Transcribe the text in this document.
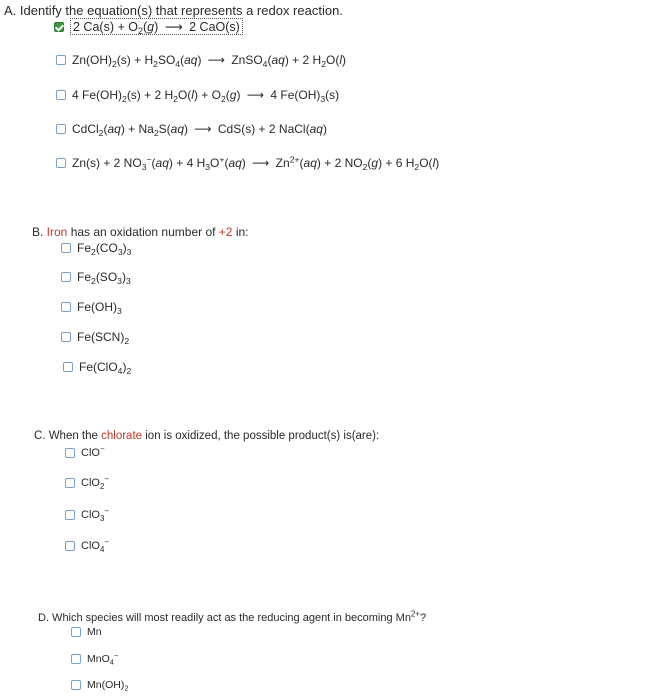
A. Identify the equation(s) that represents a redox reaction.
2 $Ca(s) + O_2(g)$ ⟶ 2 CaO(s)
$Zn(OH)_2(s) + H_2SO_4(aq)$ ⟶ ZnSO$_4$(aq) + 2 $H_2O(l)$
4 $Fe(OH)_2(s) + 2$ $H_2O(l) + O_2(g)$ ⟶ 4 $Fe(OH)_3(s)$
CdCl$_2$(aq) + $Na_2S(aq)$ ⟶ CdS(s) + 2 NaCl(aq)
Zn(s) + 2 $NO_3^-(aq) + 4$ $H_3O^+(aq)$ ⟶ $Zn^{2+}(aq) + 2$ $NO_2(g) + 6$ $H_2O(l)$
B. Iron has an oxidation number of +2 in:
$Fe_2(CO_3)_3$
$Fe_2(SO_3)_3$
$Fe(OH)_3$
$Fe(SCN)_2$
$Fe(ClO_4)_2$
C. When the chlorate ion is oxidized, the possible product(s) is(are):
ClO−
ClO$_2$−
ClO$_3$−
ClO$_4$−
D. Which species will most readily act as the reducing agent in becoming $Mn^{2+}$?
Mn
MnO$_4$−
$Mn(OH)_2$
